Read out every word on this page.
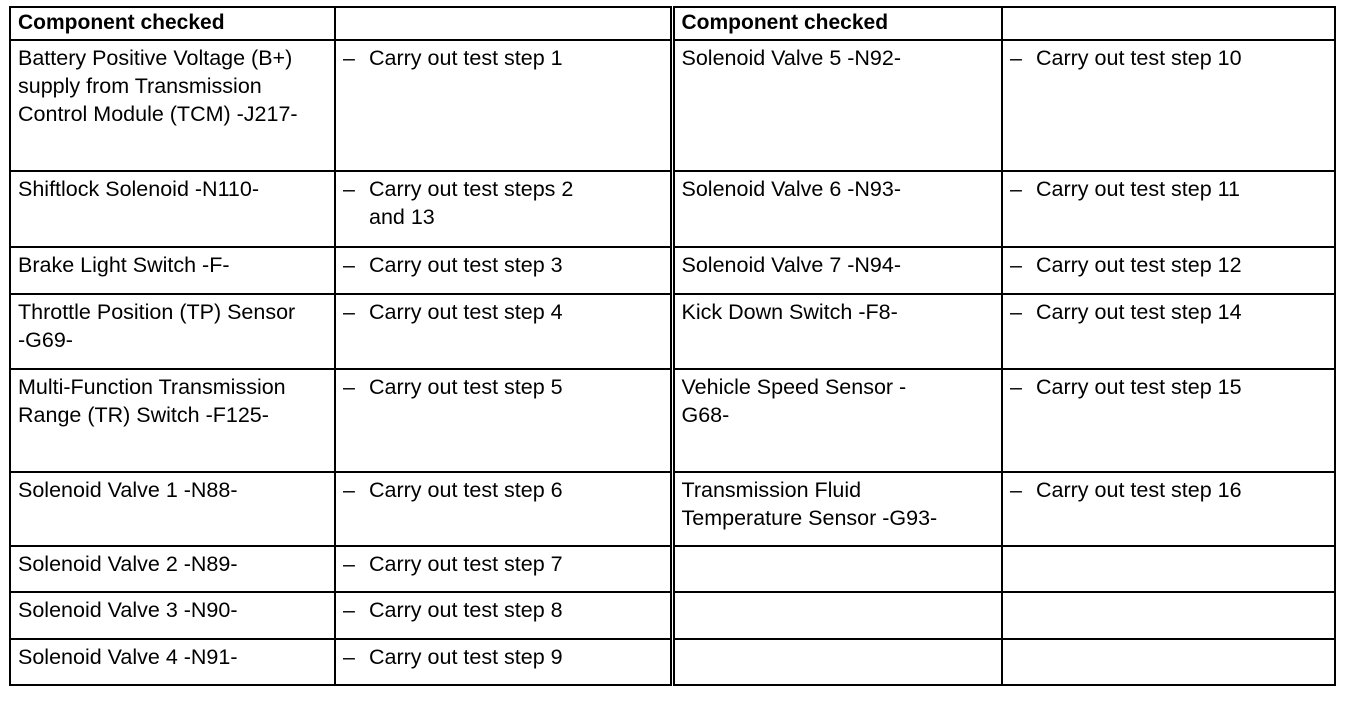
Component checked		Component checked	
Battery Positive Voltage (B+) supply from Transmission Control Module (TCM) -J217-	– Carry out test step 1	Solenoid Valve 5 -N92-	– Carry out test step 10
Shiftlock Solenoid -N110-	– Carry out test steps 2 and 13	Solenoid Valve 6 -N93-	– Carry out test step 11
Brake Light Switch -F-	– Carry out test step 3	Solenoid Valve 7 -N94-	– Carry out test step 12

Throttle Position (TP) Sensor -G69-	– Carry out test step 4	Kick Down Switch -F8-	– Carry out test step 14

Multi-Function Transmission Range (TR) Switch -F125-	– Carry out test step 5	Vehicle Speed Sensor -G68-	– Carry out test step 15
Solenoid Valve 1 -N88-	– Carry out test step 6	Transmission Fluid Temperature Sensor -G93-	– Carry out test step 16
Solenoid Valve 2 -N89-	– Carry out test step 7		
Solenoid Valve 3 -N90-	– Carry out test step 8		
Solenoid Valve 4 -N91-	– Carry out test step 9		
